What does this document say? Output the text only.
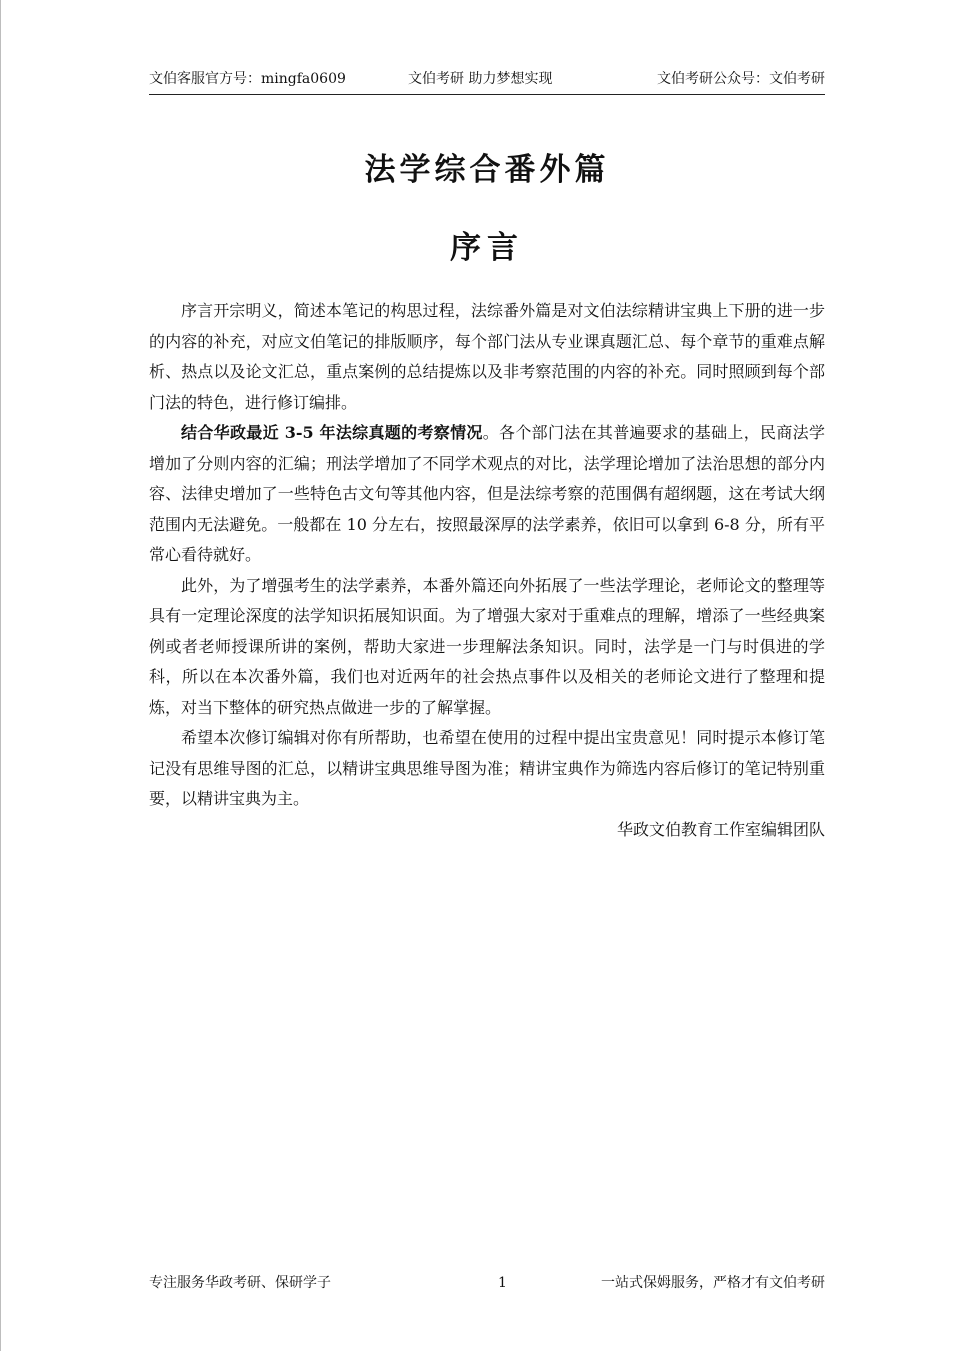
文伯客服官方号：mingfa0609	文伯考研 助力梦想实现	文伯考研公众号：文伯考研
法学综合番外篇
序言

序言开宗明义，简述本笔记的构思过程，法综番外篇是对文伯法综精讲宝典上下册的进一步的内容的补充，对应文伯笔记的排版顺序，每个部门法从专业课真题汇总、每个章节的重难点解析、热点以及论文汇总，重点案例的总结提炼以及非考察范围的内容的补充。同时照顾到每个部门法的特色，进行修订编排。

结合华政最近 3-5 年法综真题的考察情况。各个部门法在其普遍要求的基础上，民商法学增加了分则内容的汇编；刑法学增加了不同学术观点的对比，法学理论增加了法治思想的部分内容、法律史增加了一些特色古文句等其他内容，但是法综考察的范围偶有超纲题，这在考试大纲范围内无法避免。一般都在 10 分左右，按照最深厚的法学素养，依旧可以拿到 6-8 分，所有平常心看待就好。

此外，为了增强考生的法学素养，本番外篇还向外拓展了一些法学理论，老师论文的整理等具有一定理论深度的法学知识拓展知识面。为了增强大家对于重难点的理解，增添了一些经典案例或者老师授课所讲的案例，帮助大家进一步理解法条知识。同时，法学是一门与时俱进的学科，所以在本次番外篇，我们也对近两年的社会热点事件以及相关的老师论文进行了整理和提炼，对当下整体的研究热点做进一步的了解掌握。

希望本次修订编辑对你有所帮助，也希望在使用的过程中提出宝贵意见！同时提示本修订笔记没有思维导图的汇总，以精讲宝典思维导图为准；精讲宝典作为筛选内容后修订的笔记特别重要，以精讲宝典为主。

华政文伯教育工作室编辑团队

专注服务华政考研、保研学子	1	一站式保姆服务，严格才有文伯考研
